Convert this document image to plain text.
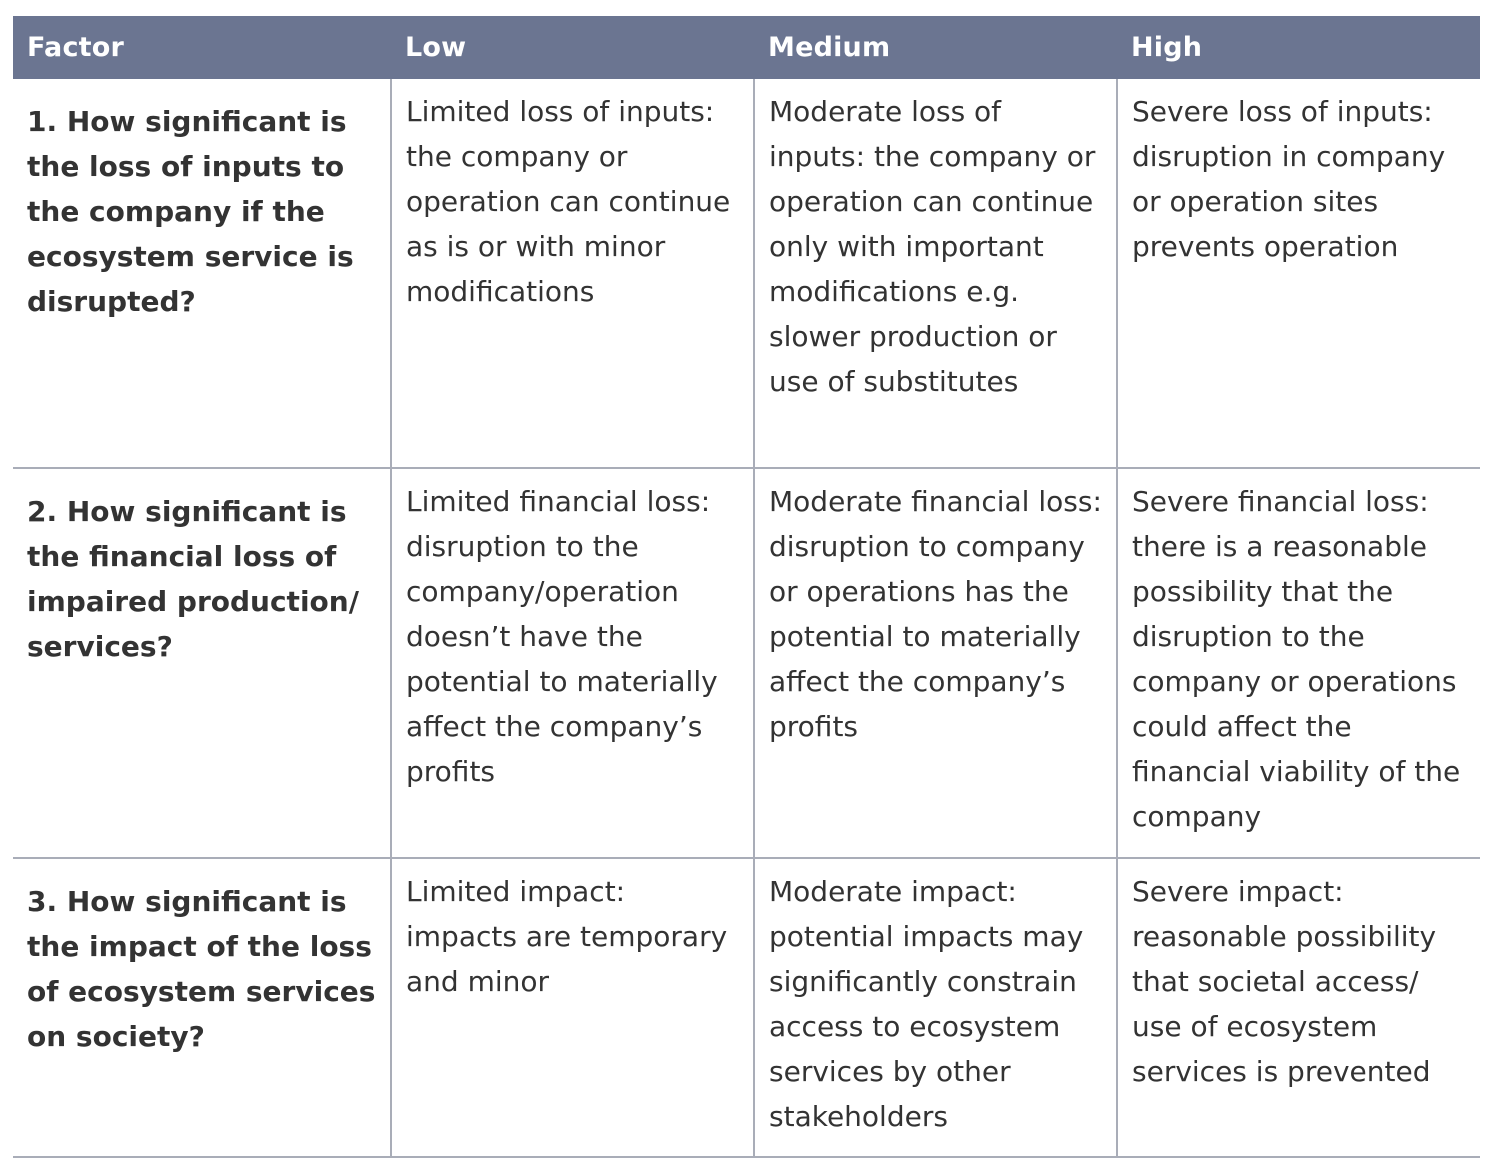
Factor	Low	Medium	High
1. How significant is the loss of inputs to the company if the ecosystem service is disrupted?	Limited loss of inputs: the company or operation can continue as is or with minor modifications	Moderate loss of inputs: the company or operation can continue only with important modifications e.g. slower production or use of substitutes	Severe loss of inputs: disruption in company or operation sites prevents operation
2. How significant is the financial loss of impaired production/ services?	Limited financial loss: disruption to the company/operation doesn’t have the potential to materially affect the company’s profits	Moderate financial loss: disruption to company or operations has the potential to materially affect the company’s profits	Severe financial loss: there is a reasonable possibility that the disruption to the company or operations could affect the financial viability of the company
3. How significant is the impact of the loss of ecosystem services on society?	Limited impact: impacts are temporary and minor	Moderate impact: potential impacts may significantly constrain access to ecosystem services by other stakeholders	Severe impact: reasonable possibility that societal access/ use of ecosystem services is prevented
